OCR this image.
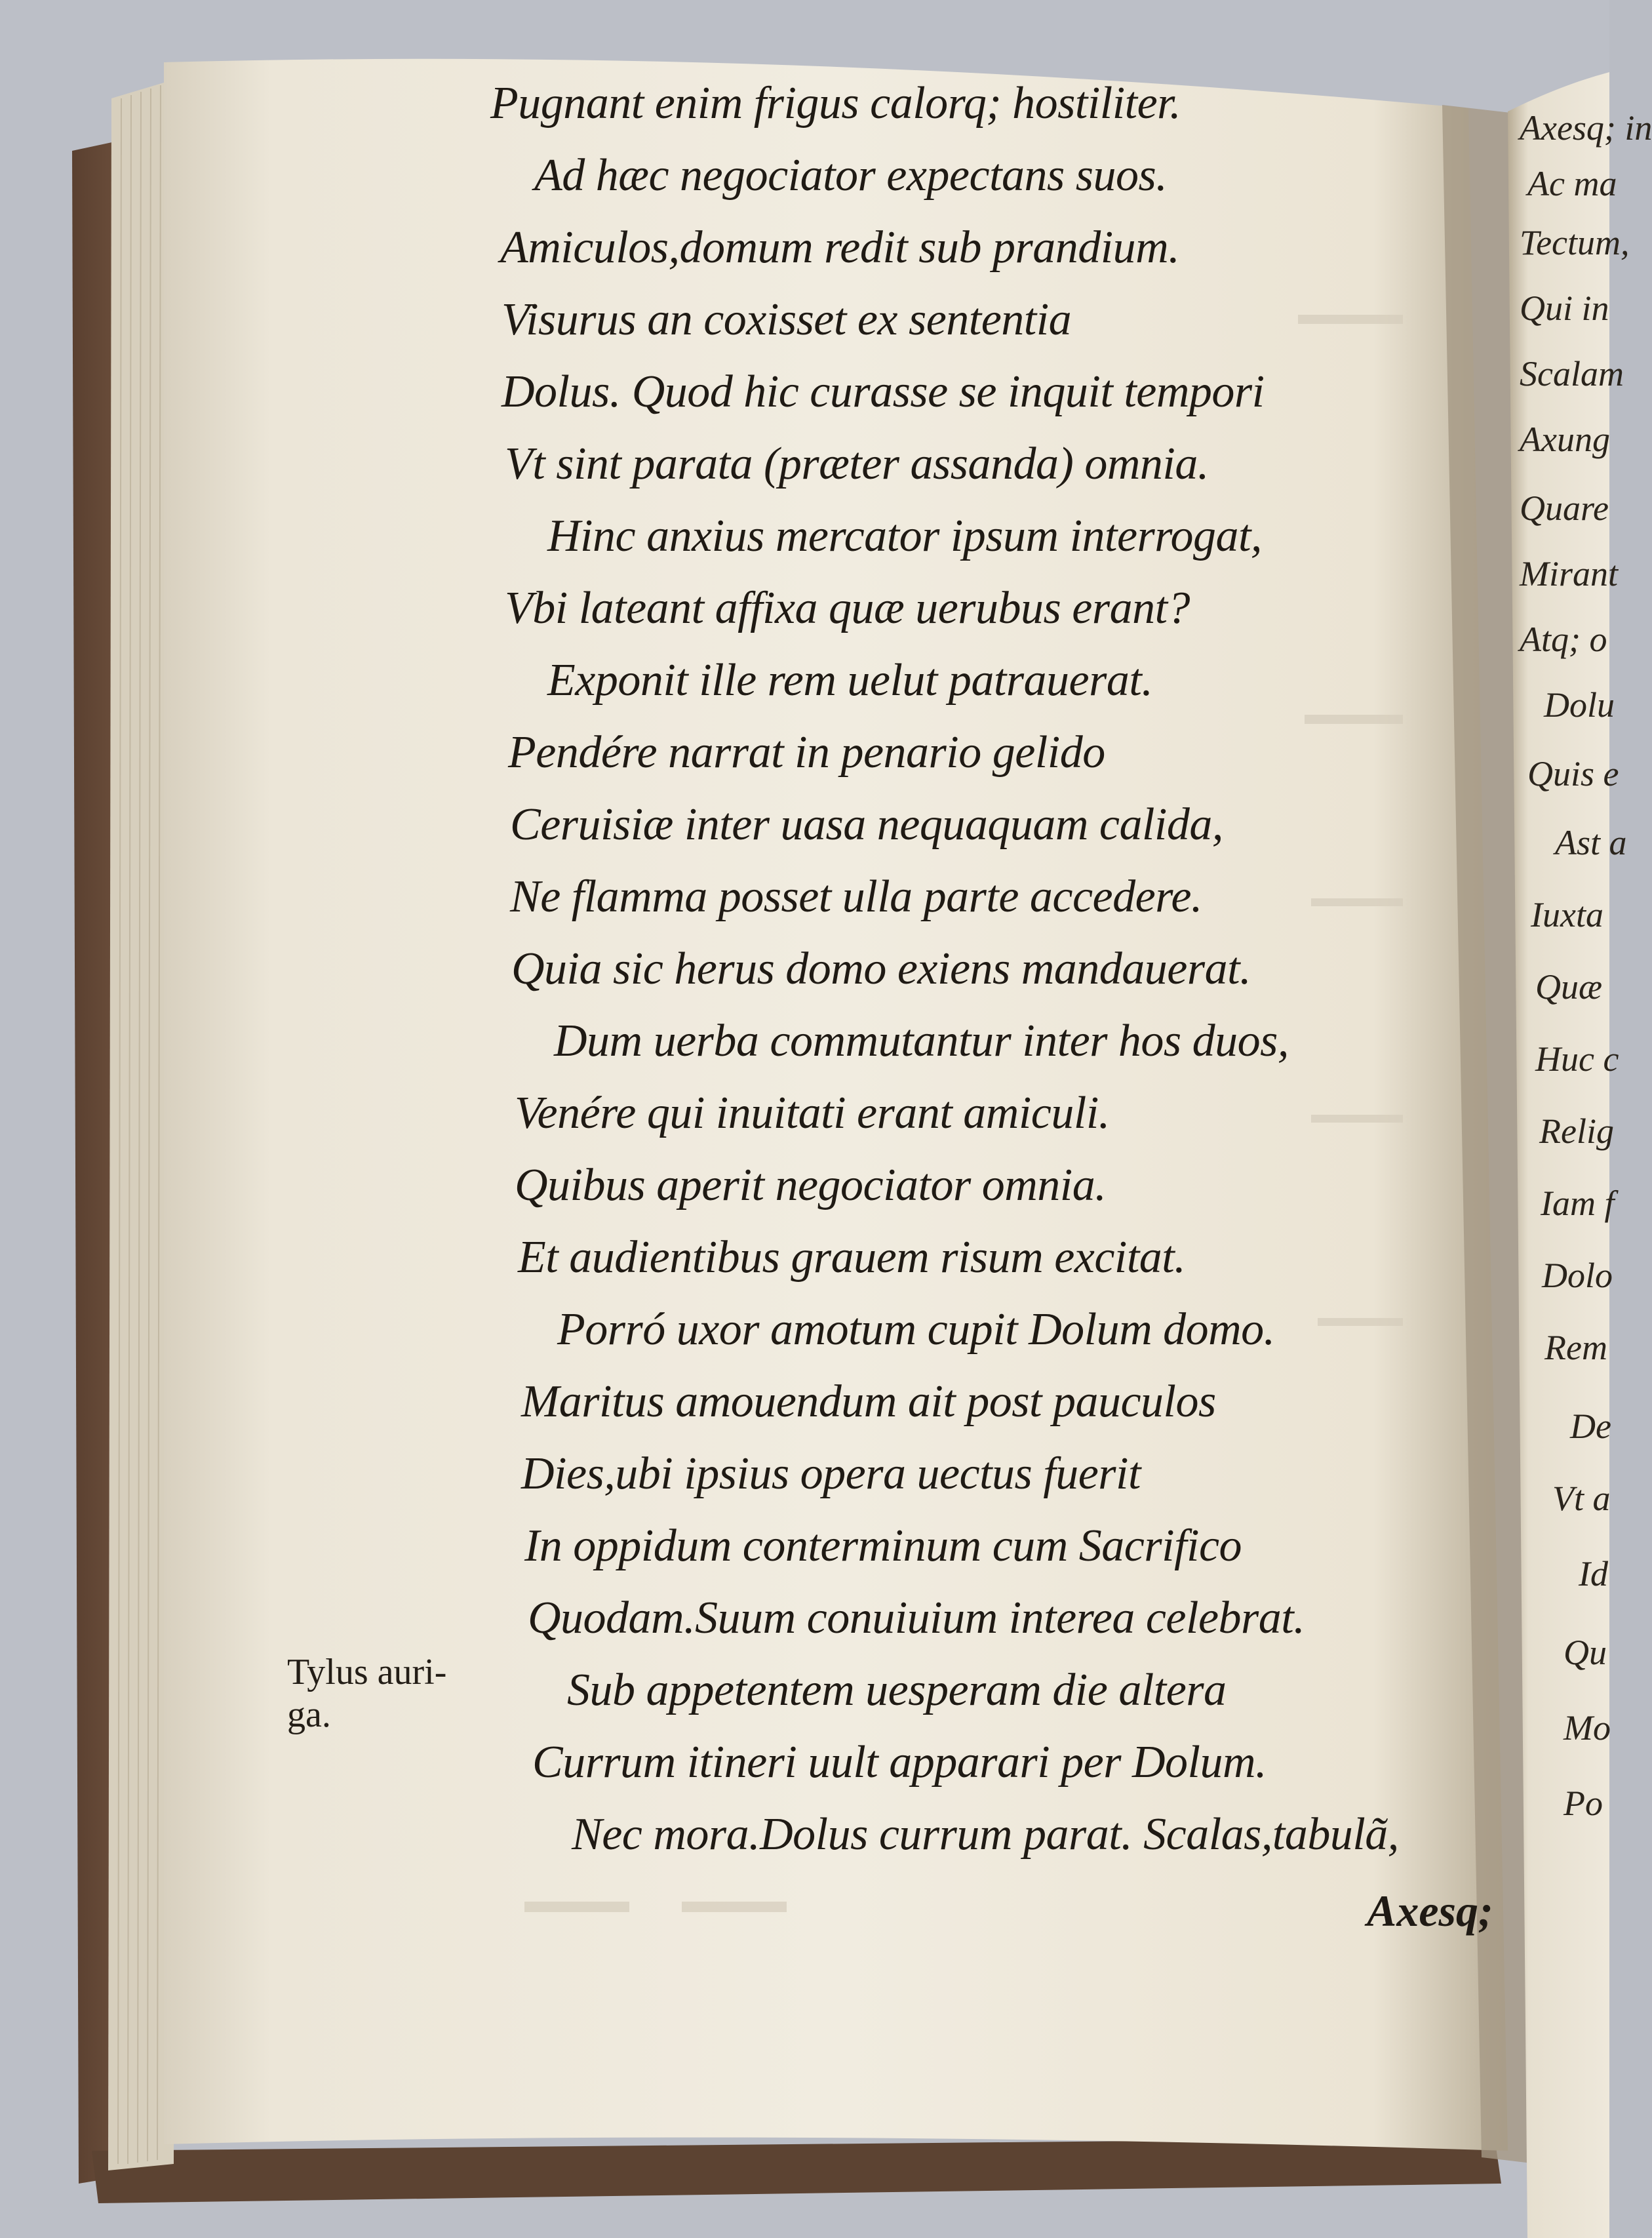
Pugnant enim frigus calorq; hostiliter.
Ad hæc negociator expectans suos.
Amiculos,domum redit sub prandium.
Visurus an coxisset ex sententia
Dolus. Quod hic curasse se inquit tempori
Vt sint parata (præter assanda) omnia.
Hinc anxius mercator ipsum interrogat,
Vbi lateant affixa quæ uerubus erant?
Exponit ille rem uelut patrauerat.
Pendére narrat in penario gelido
Ceruisiæ inter uasa nequaquam calida,
Ne flamma posset ulla parte accedere.
Quia sic herus domo exiens mandauerat.
Dum uerba commutantur inter hos duos,
Venére qui inuitati erant amiculi.
Quibus aperit negociator omnia.
Et audientibus grauem risum excitat.
Porró uxor amotum cupit Dolum domo.
Maritus amouendum ait post pauculos
Dies,ubi ipsius opera uectus fuerit
In oppidum conterminum cum Sacrifico
Quodam.Suum conuiuium interea celebrat.
Sub appetentem uesperam die altera
Currum itineri uult apparari per Dolum.
Nec mora.Dolus currum parat. Scalas,tabulã,
Tylus auri-
ga.
Axesq;
Axesq; in
Ac ma
Tectum,
Qui in
Scalam
Axung
Quare
Mirant
Atq; o
Dolu
Quis e
Ast a
Iuxta
Quæ
Huc c
Relig
Iam f
Dolo
Rem
De
Vt a
Id
Qu
Mo
Po
